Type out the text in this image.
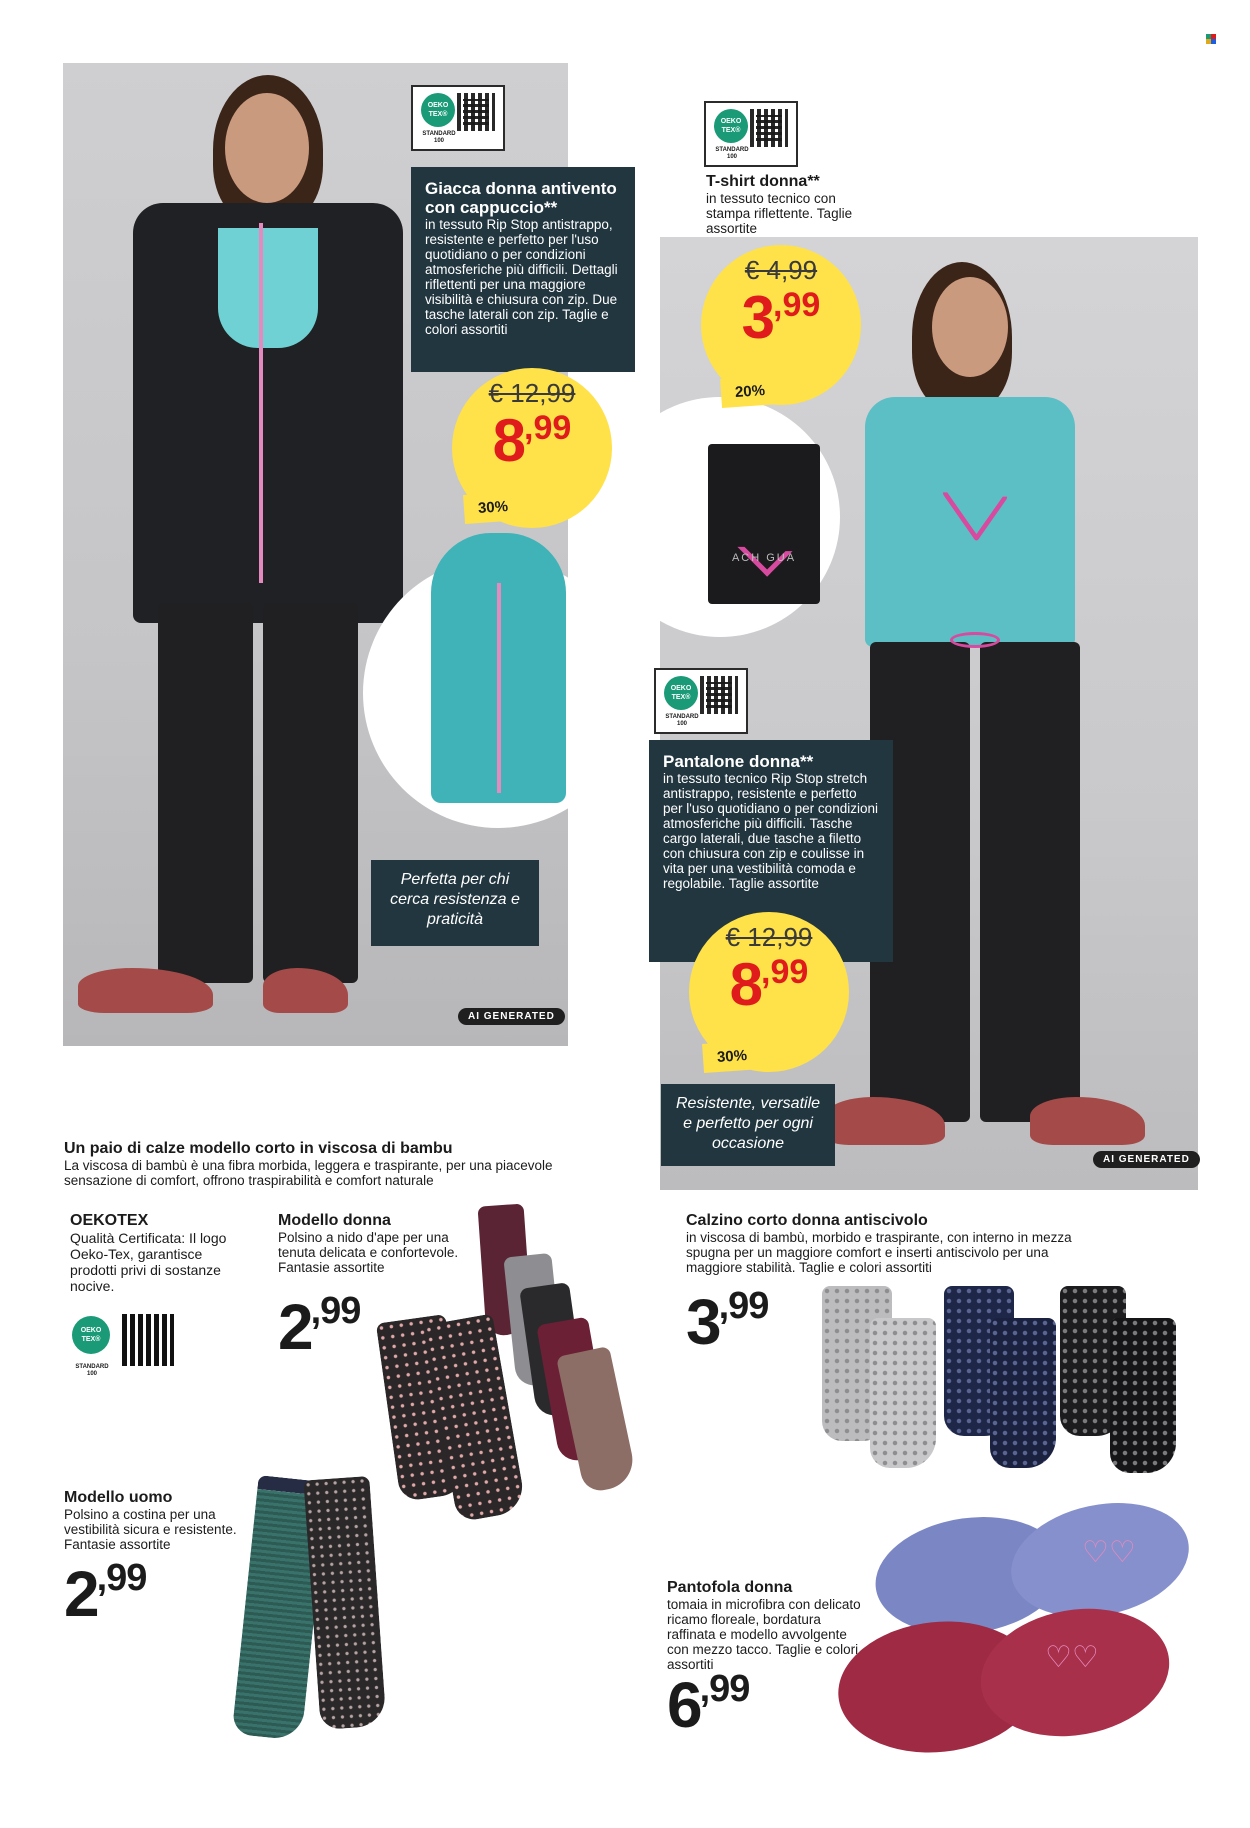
AI GENERATED
OEKO TEX®
STANDARD 100
Giacca donna antivento con cappuccio**

in tessuto Rip Stop antistrappo, resistente e perfetto per l'uso quotidiano o per condizioni atmosferiche più difficili. Dettagli riflettenti per una maggiore visibilità e chiusura con zip. Due tasche laterali con zip. Taglie e colori assortiti

€ 12,99
$8^{,99}$
30%
Perfetta per chi cerca resistenza e praticità
OEKO TEX®
STANDARD 100
T-shirt donna**
in tessuto tecnico con stampa riflettente. Taglie assortite
ACH GUA
AI GENERATED
€ 4,99
$3^{,99}$
20%
OEKO TEX®
STANDARD 100
Pantalone donna**

in tessuto tecnico Rip Stop stretch antistrappo, resistente e perfetto per l'uso quotidiano o per condizioni atmosferiche più difficili. Tasche cargo laterali, due tasche a filetto con chiusura con zip e coulisse in vita per una vestibilità comoda e regolabile. Taglie assortite

€ 12,99
$8^{,99}$
30%
Resistente, versatile e perfetto per ogni occasione
Un paio di calze modello corto in viscosa di bambu
La viscosa di bambù è una fibra morbida, leggera e traspirante, per una piacevole sensazione di comfort, offrono traspirabilità e comfort naturale
OEKOTEX
Qualità Certificata: Il logo Oeko-Tex, garantisce prodotti privi di sostanze nocive.
OEKO TEX®
STANDARD 100
Modello donna
Polsino a nido d'ape per una tenuta delicata e confortevole. Fantasie assortite
2,99
Modello uomo
Polsino a costina per una vestibilità sicura e resistente. Fantasie assortite
2,99
Calzino corto donna antiscivolo
in viscosa di bambù, morbido e traspirante, con interno in mezza spugna per un maggiore comfort e inserti antiscivolo per una maggiore stabilità. Taglie e colori assortiti
3,99
Pantofola donna
tomaia in microfibra con delicato ricamo floreale, bordatura raffinata e modello avvolgente con mezzo tacco. Taglie e colori assortiti
6,99
♡♡
♡♡
